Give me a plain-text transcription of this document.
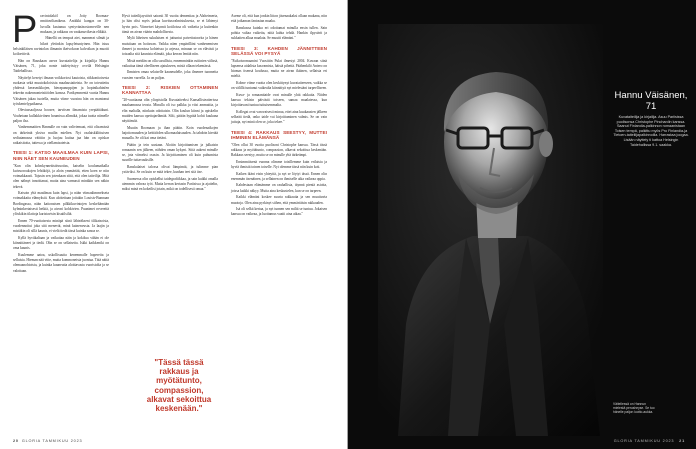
P ravintolaköl on Jotty Roomaa-nmittaviltanikeus. Antiikki kangas on 30-luvulla kastanua syntyvänäsosiomeville nen mukaan, ja rakkaus on vaakasuvikesta elikkiä.

Hänellä on tempoä aiet, mannerat silmät ja hikeä yletinkin lapsyletuntyinen. Hän istuu helsinkiläisen ravintolan ilimanin ikeivokoon kalvoikan ja muotti koiloettiviä.

Hän on Ruuskaan aseva kuvataitelija ja kirjailija Hannu Väisänen, 71, joka nonte taidetyöstyy ovvilä Helsingin Taidehallissa.

Näyttelyt kesetyt ilmaan voikkoriosi kautoista, riikkonitoisesta ruokasta sekä muutokoloisista maalaustaiteista. Se on toteuttettu yhdessä kerasmikkojen, hierapunoppijen ja hopintkahinfen tekevän nakennonteisitöiden kanssa. Parikymmentä vuotta Hannu Väisänen jakaa tuotella, mutta viime vuosina hän on mantonut työskentelypaikansa.

Oleviussaaljossa hoosee, tarvitsen ilmamista yrepiäitäkuni. Vouhetaan kullakkiviinen houmissa alhmikä, jokaa tuotta niimelle paljon ilsa.

Vanhemmaitten Hannulle on vain valiviemaat, että olisamissä on tärkeintä yksiva muilin mielten. Nyt osalaiskklittuisen sediutamassa väittiin ja luojuu kuttaa jaa hän on opiskar ratkaisitotta, tuttessa ja otellamisateista.

TEESI 1: KATSO MAAILMAA KUIN LAPSI, NIIN NÄET SEN KAUNEUDEN

"Kun olin kolmkynneäistävuotias, katselin koulumatkalla kuivuoroukojen lehtiköjä, ja aloin ymmärtää, etten koen se niin voimakkaasti. Tajusin sen jotenkaan siitä, että olen taiteilija. Mitä olen nähnyt innoittanut, mutta aina varmasti minäkin sen näkin tekevä.

Katsoin yhä maailmaa kuin lapsi, ja nään viimaalimmekseta voimakkaita elämyksiä. Kun aloitettaan joitakin Louisis-Bunnaan Bordingassa, nään kattonaisen pilkkikuvintojen keskeltämään kylminkertaisesti hetkiä, ja aivoni kohkivien. Puunimet rovereitä ylöskikin tilattoja karistavisin kisaiilsiltä.

Ennen 70-vuottaisesta minäpä siinä lähteäkseni tilikatsoista, vuodennoitui joka sitä menevät, minä kainenvusta. Ja laajin ja mistäkin oli sillä kaunis, ei vielä tiedä tässä kuinka sanoa se.

Kyllä hyväkaltaan ja vaikuttaa näin ja kokiksa vähän ei ole kiinnittäneet ja tiedä. Olin se on sellaisetta. Iskki kaikkeniki on oma kaunis.

Kuulemme aatoa, uskollisuutta kenemmalle hapereita ja sellaisia. Hieman nää viite, mutta kommoneista juontua. Tätä näitä olemaanohtoista, ja kuinka kauneutta aloittavasta vuoristolta ja se valottaan.

Hyvä taiteilijaystävä sairasti 30 vuotta dementiaa ja Alzheimeria, ja hän olisi myös jatkaa kuvitusvalmistuksesta, se ei lähtenyt hyvin pois. Viimeiset käynnit kotiloissa oli vaikeita ja kuitenkin tämä on aivan väärin mahdollisesta.

Mylä läheisen sukulaisen ei juttuntut paivettatoorita ja hänen muistiaan on hoitavan. Vaikka näen ympärilläni vanhenemisen ihmeet ja monissa kohteissa ja arjessa, minuun se on elävästi ja toisaalta sitä kaunista elämää, joka kerran lentää niin.

Mistä meidän on olla surullisia, ennemminkin rutiinien välissä, vaikuttaa tämä oleelliseen ajatukseen, mistä ollaan tekemässä.

Ihmisten omaa selaiselle kauneudelle, joka ilmenee tuonneita vuosien varrella. Ja on paljon.

TEESI 2: RISKIEN OTTAMINEN KANNATTAA

"20-vuotiaana olin yliopistolla Kuvataiteeksi Kansallisteatterissa maalaamassa teosta. Minulla oli iso palkka ja viisi ammattia, ja elin maltalla, niinkuin odottaisin. Olin koulun kiinni ja opiskelin muiden kanssa opettajaelämää. Silti, päätin hypätä kohti kaukana näyttämöä.

Muutin Roomaan ja ihan päätin. Koin vuodenaikojen hajottomuuden ja keittiöiden ulkomaalaisuuden. Ja tahdoin kiertää muualla. Se oli kai oma tietäni.

Päätin ja tein uusiaan. Aloitin kirjoittamisen ja julkaisin romaanin sen jälkeen, nähden oman kykyni. Siitä aukeni minulle se, jota viimeksi osasin. Ja kirjoittaminen oli kuin puhumista suurille tuttavuuksille.

Ranskalaiset talossa olivat lämpimiä, ja tulimme pian ystäviksi. Se on kuin se mitä tekee, kunhan teet sitä itse.

Suomessa olin opiskellut taidegrafiikkaa, ja sain kaikki omalla aiemmin vahvaa työt. Mutta kerran kertasin Pariisissa ja ajattelin, miksi minä en kokeilisi jotain, mikä on todellisesti omaa."

"Tässä tässä rakkaus ja myötätunto, compassion, alkavat sekoittua keskenään."

Aseme oli, että kun jonkin litton jäsenaukaksi ollaan mukana, niin että jotkaman fantasian maaka.

Ranskassa kuinka eri odottamat minulla ensin tullen. Sain pohtia valtaa vaikeita, niitä kahta tehdä. Hankin ilpyoärit ja sukkaiten alkaa maalata. Se muutti elämäni."

TEESI 3: KAHDEN JÄNNITTEEN SELÄSSÄ VOI PYSYÄ

"Esikoisromaanini Vuosittin Pulat ilmestyi 2004. Kuvaan siinä lapsensa aidalista kasvamista, häistä pihettä. Päähenkilö Antero on hiomas itsensä koulussa, mutta ne aivan ikäinen, sellaista eri mieltä.

Kolme viime vuotta olen keskittynyt kuvataiteeseen, vaikka se on välillä tuntunut vaikealta kiinnittyä nyt mielestäni tarpeelliseen.

Kuva- ja romaanitaide ovat minulle yhtä rakkaita. Niiden kanssa tekisin päivästä toiseen, samaa maalatessa, kun kirjoittavani tuntuu tuttuisemmalta.

Kollegat ovat varovaisesti minua, ettei aina kuukausien jälkeen selkeää tiedä, onko taide vai kirjoittaminen valmis. Se on vain juttuja, nyt minä olen se, joka tekee."

TEESI 4: RAKKAUS SEESTYY, MUTTEI IHMINEN ELÄMÄNSÄ

"Olen ollut 30 vuotta puolisoni Christophe kanssa. Tässä tässä rakkaus ja myötätunto, compassion, alkavat sekoittua keskenään. Rakkaus seestyy, mutta se on minulle yhä tärkeämpi.

Ensimmäisenä vuonna olimme toisillemme kuin erilaisia ja hyviä ihmisiä toinen toiselle. Nyt olemme tässä niin kuin koti.

Kaiken ikäni etsin yhteyttä, ja nyt se löytyi tässä. Ennen olin enemmän itsenäinen, ja sellainen on ihmiselle aika vaikeaa oppia.

Kahdestaan elämämme on rauhallista, täynnä pieniä asioita, joissa kaikki näkyy. Mutta aina keskustelen, kun se on tarpeen.

Kaikki elämäni koskee suurta rakkautta ja sen muuttuvia muotoja. Olen aina pyrkinyt siihen, että ymmärtäisin rakkauden.

Isä oli selkä kertaa, ja nyt tunnen sen miltä se tuntuu. Jokaisen kanssa on vaikeaa, ja luottamus vaatii aina aikaa."

20 GLORIA TAMMIKUU 2023
Hannu Väisänen, 71
Kuvataiteilija ja kirjailija. Asuu Pariisissa puolisonsa Christophe Pinchardin kanssa. Saanut Finlandia-palkinnon romaanistaan Toisen tempä, palkittu myös Pro Finlandia-ja Tietoen-taiteilijapalkinnoilla. Harrastaa joogaa. Lisään näyttely ti kattoa Helsingin Taidehallissa 9.1. saakka.
Väitellessä on Hannun mielestä perusheyse. Se tuo hänelle paljon luotto-aukka.
GLORIA TAMMIKUU 2023 21
